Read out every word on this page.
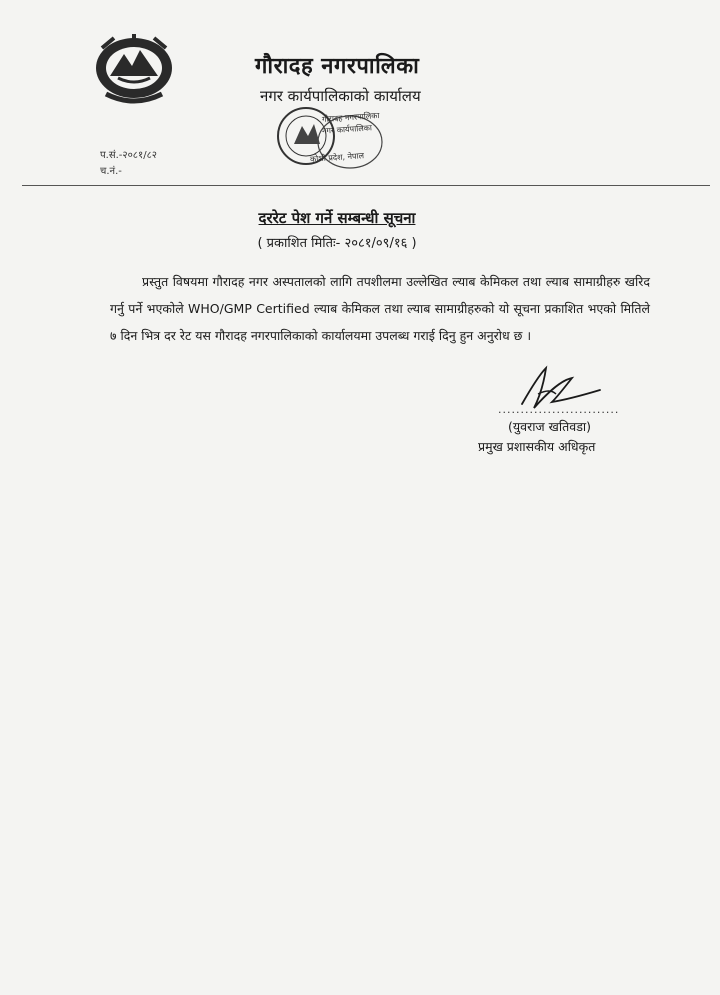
गौरादह नगरपालिका
नगर कार्यपालिकाको कार्यालय
गौरादह नगरपालिका
नगर कार्यपालिका
कोशी प्रदेश, नेपाल
प.सं.-२०८१/८२
च.नं.-
दररेट पेश गर्ने सम्बन्धी सूचना
( प्रकाशित मितिः- २०८१/०९/१६ )

प्रस्तुत विषयमा गौरादह नगर अस्पतालको लागि तपशीलमा उल्लेखित ल्याब केमिकल तथा ल्याब सामाग्रीहरु खरिद गर्नु पर्ने भएकोले WHO/GMP Certified ल्याब केमिकल तथा ल्याब सामाग्रीहरुको यो सूचना प्रकाशित भएको मितिले ७ दिन भित्र दर रेट यस गौरादह नगरपालिकाको कार्यालयमा उपलब्ध गराई दिनु हुन अनुरोध छ ।

...........................
(युवराज खतिवडा)
प्रमुख प्रशासकीय अधिकृत
